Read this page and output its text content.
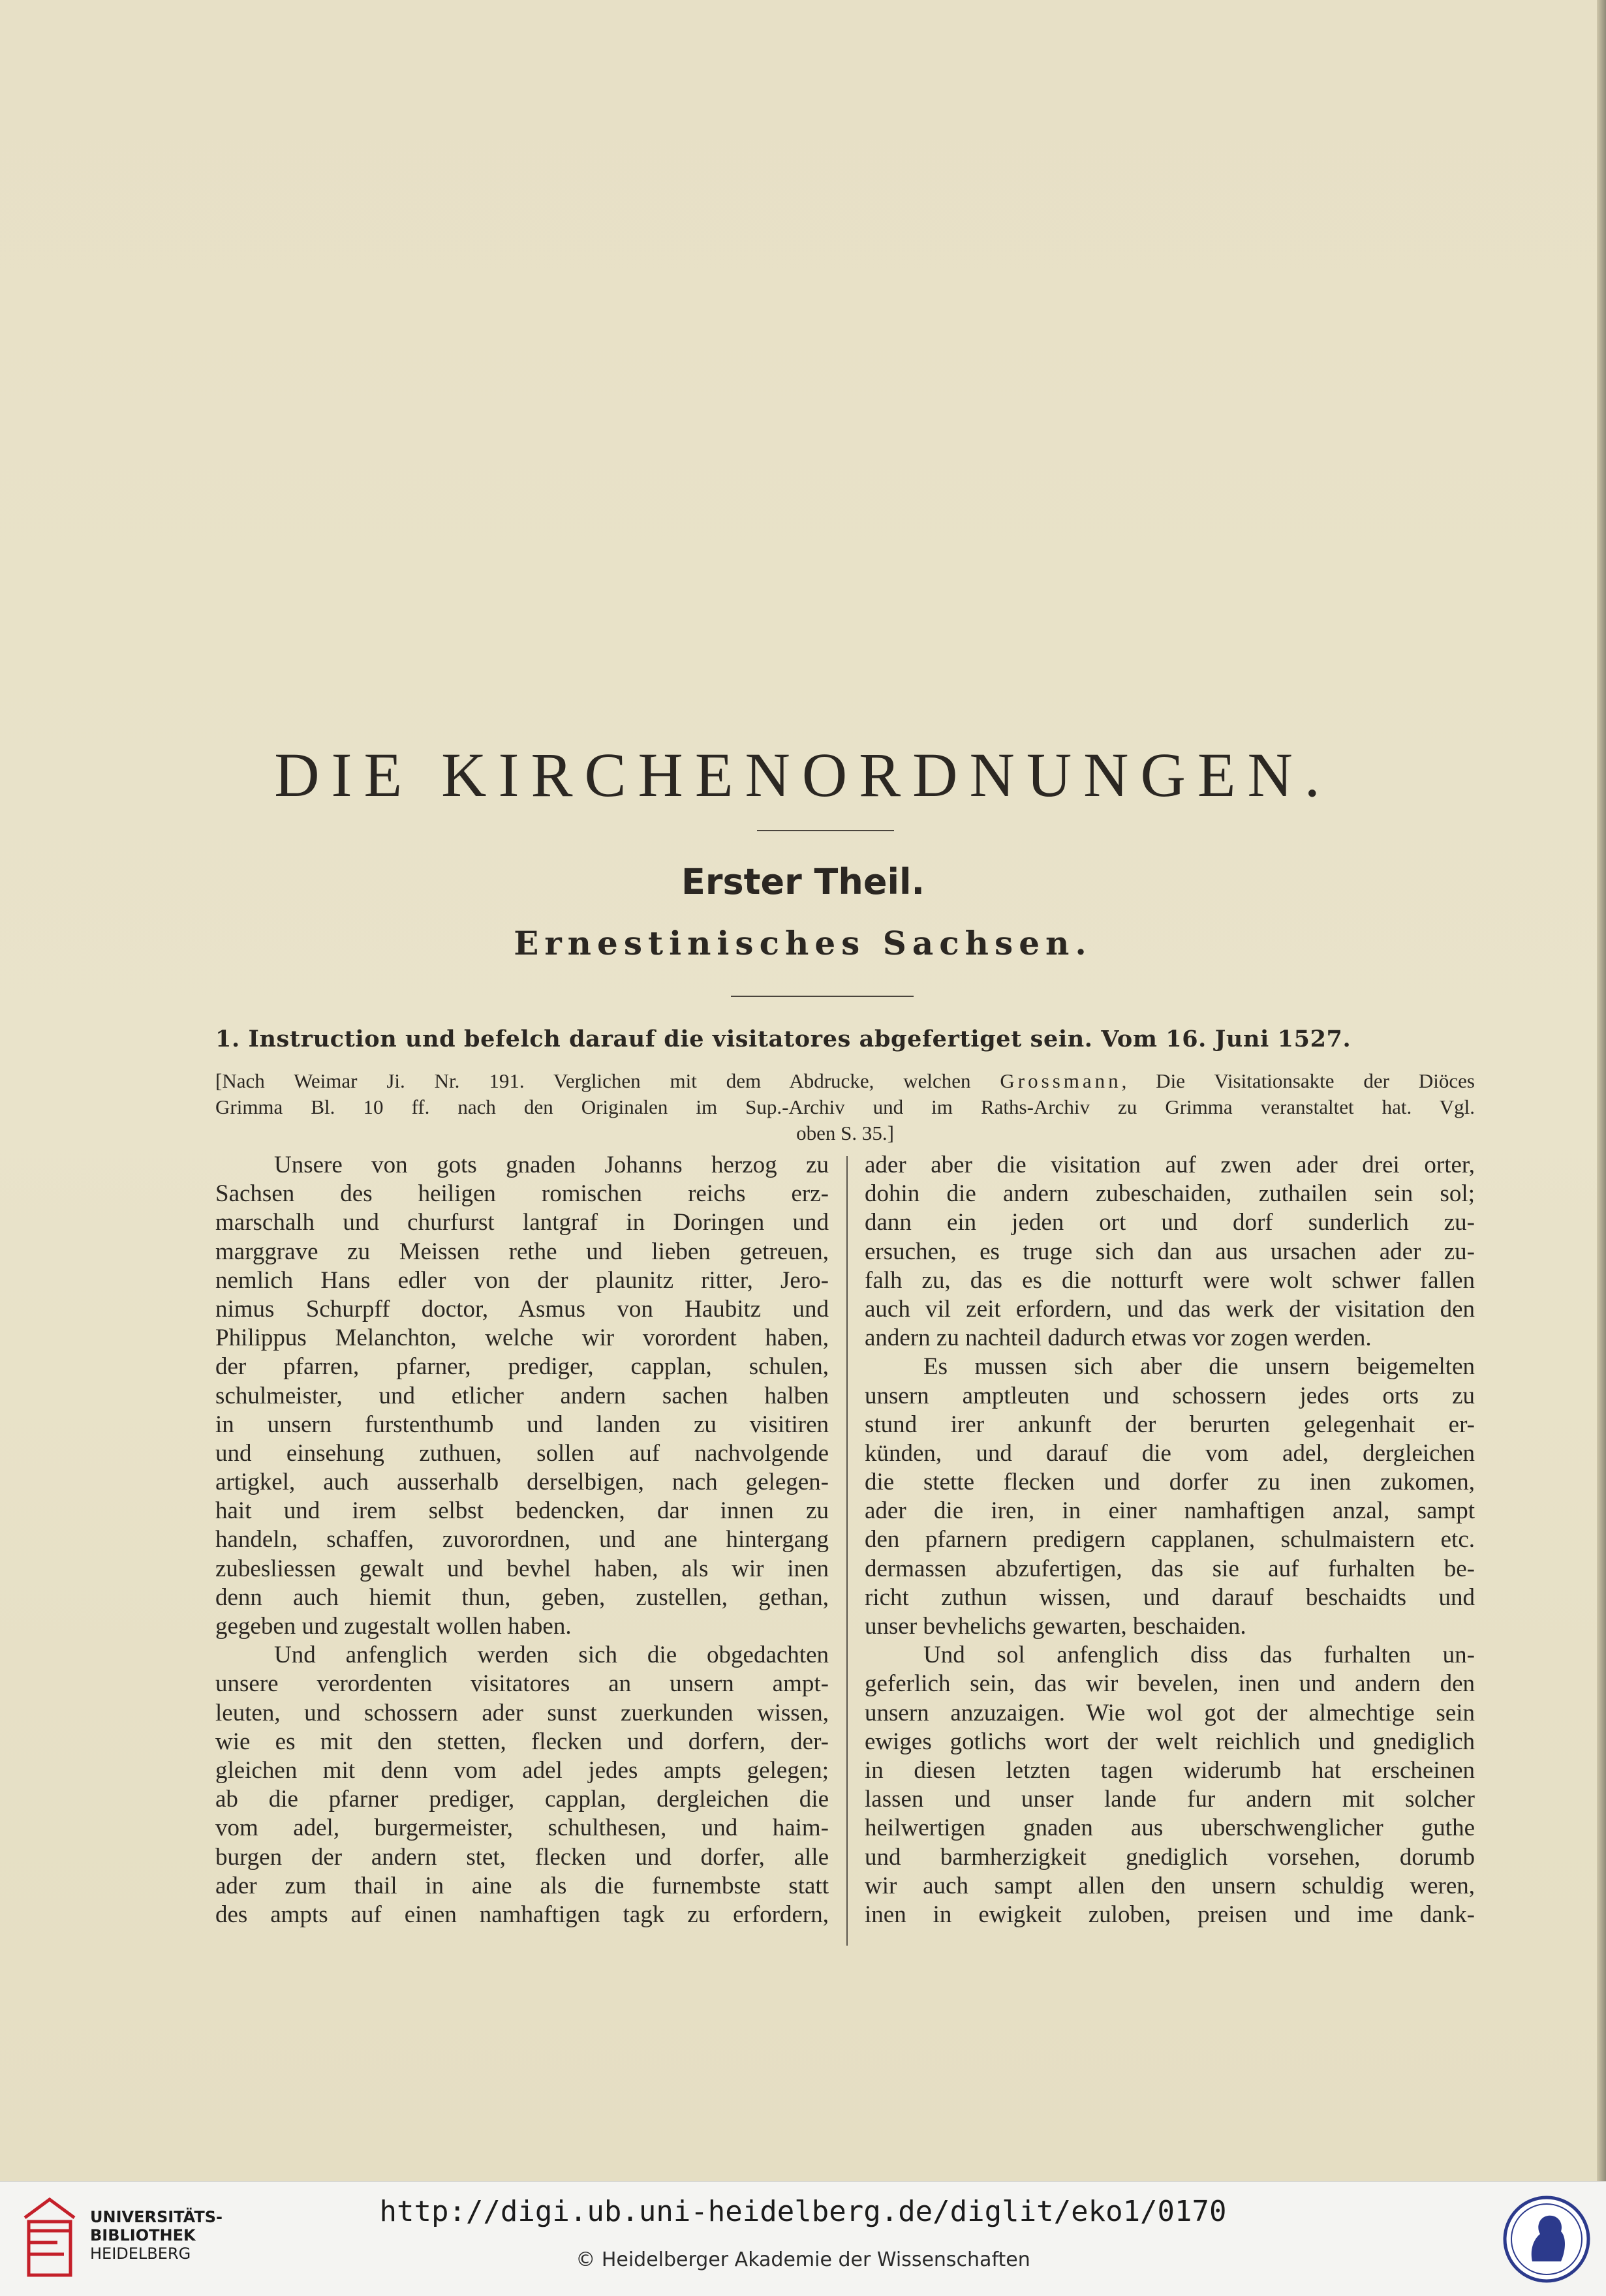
DIE KIRCHENORDNUNGEN.
Erster Theil.
Ernestinisches Sachsen.
1. Instruction und befelch darauf die visitatores abgefertiget sein. Vom 16. Juni 1527.
[Nach Weimar Ji. Nr. 191. Verglichen mit dem Abdrucke, welchen Grossmann, Die Visitationsakte der Diöces
Grimma Bl. 10 ff. nach den Originalen im Sup.-Archiv und im Raths-Archiv zu Grimma veranstaltet hat. Vgl.
oben S. 35.]
Unsere von gots gnaden Johanns herzog zu
Sachsen des heiligen romischen reichs erz-
marschalh und churfurst lantgraf in Doringen und
marggrave zu Meissen rethe und lieben getreuen,
nemlich Hans edler von der plaunitz ritter, Jero-
nimus Schurpff doctor, Asmus von Haubitz und
Philippus Melanchton, welche wir vorordent haben,
der pfarren, pfarner, prediger, capplan, schulen,
schulmeister, und etlicher andern sachen halben
in unsern furstenthumb und landen zu visitiren
und einsehung zuthuen, sollen auf nachvolgende
artigkel, auch ausserhalb derselbigen, nach gelegen-
hait und irem selbst bedencken, dar innen zu
handeln, schaffen, zuvorordnen, und ane hintergang
zubesliessen gewalt und bevhel haben, als wir inen
denn auch hiemit thun, geben, zustellen, gethan,
gegeben und zugestalt wollen haben.
Und anfenglich werden sich die obgedachten
unsere verordenten visitatores an unsern ampt-
leuten, und schossern ader sunst zuerkunden wissen,
wie es mit den stetten, flecken und dorfern, der-
gleichen mit denn vom adel jedes ampts gelegen;
ab die pfarner prediger, capplan, dergleichen die
vom adel, burgermeister, schulthesen, und haim-
burgen der andern stet, flecken und dorfer, alle
ader zum thail in aine als die furnembste statt
des ampts auf einen namhaftigen tagk zu erfordern,
ader aber die visitation auf zwen ader drei orter,
dohin die andern zubeschaiden, zuthailen sein sol;
dann ein jeden ort und dorf sunderlich zu-
ersuchen, es truge sich dan aus ursachen ader zu-
falh zu, das es die notturft were wolt schwer fallen
auch vil zeit erfordern, und das werk der visitation den
andern zu nachteil dadurch etwas vor zogen werden.
Es mussen sich aber die unsern beigemelten
unsern amptleuten und schossern jedes orts zu
stund irer ankunft der berurten gelegenhait er-
künden, und darauf die vom adel, dergleichen
die stette flecken und dorfer zu inen zukomen,
ader die iren, in einer namhaftigen anzal, sampt
den pfarnern predigern capplanen, schulmaistern etc.
dermassen abzufertigen, das sie auf furhalten be-
richt zuthun wissen, und darauf beschaidts und
unser bevhelichs gewarten, beschaiden.
Und sol anfenglich diss das furhalten un-
geferlich sein, das wir bevelen, inen und andern den
unsern anzuzaigen. Wie wol got der almechtige sein
ewiges gotlichs wort der welt reichlich und gnediglich
in diesen letzten tagen widerumb hat erscheinen
lassen und unser lande fur andern mit solcher
heilwertigen gnaden aus uberschwenglicher guthe
und barmherzigkeit gnediglich vorsehen, dorumb
wir auch sampt allen den unsern schuldig weren,
inen in ewigkeit zuloben, preisen und ime dank-
UNIVERSITÄTS-
BIBLIOTHEK
HEIDELBERG
http://digi.ub.uni-heidelberg.de/diglit/eko1/0170
© Heidelberger Akademie der Wissenschaften
